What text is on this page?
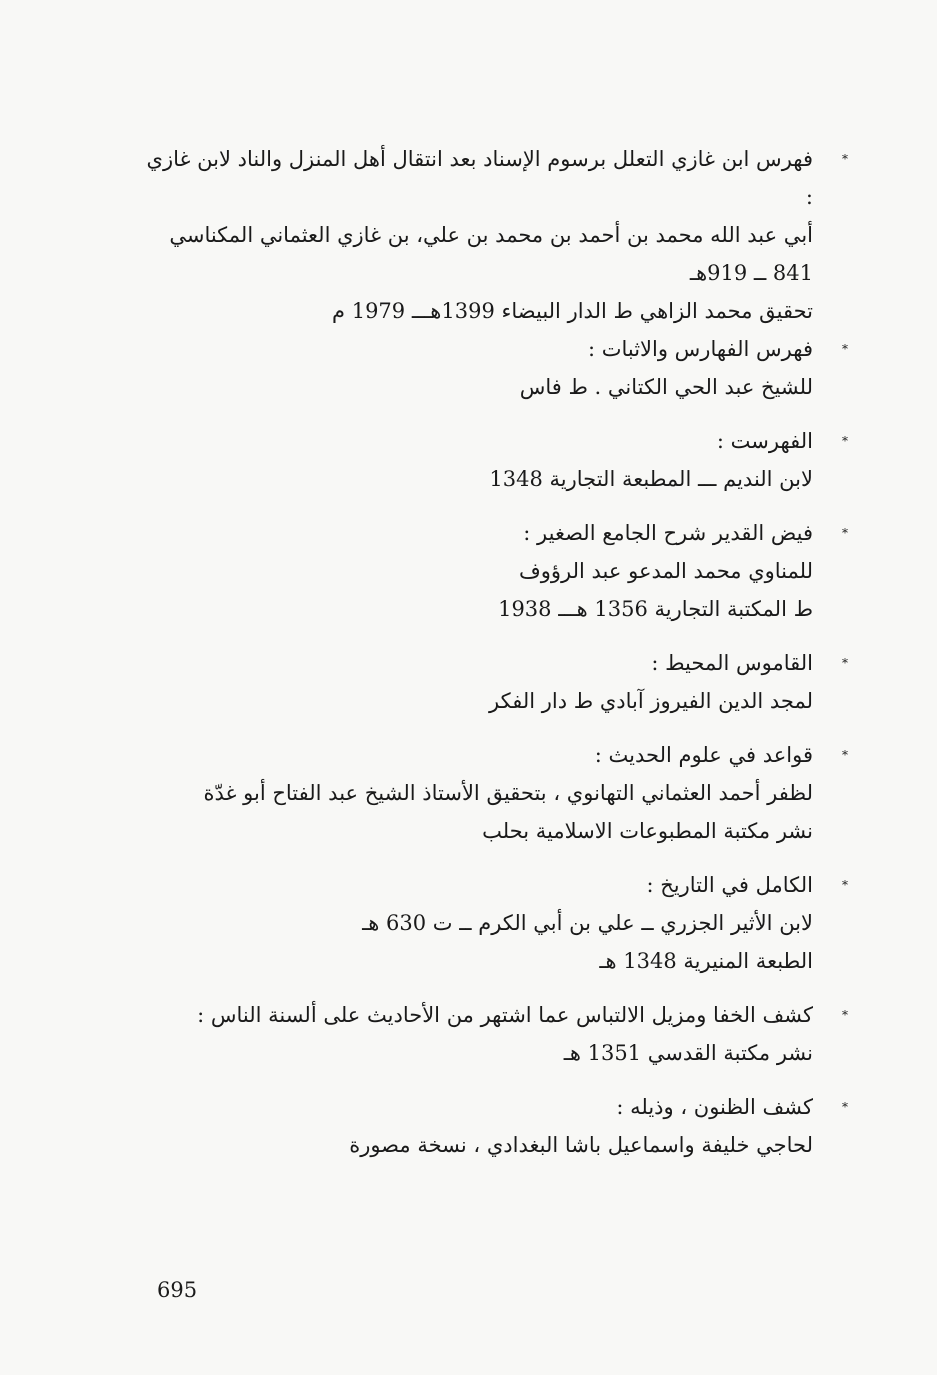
*
فهرس ابن غازي التعلل برسوم الإسناد بعد انتقال أهل المنزل والناد لابن غازي :
أبي عبد الله محمد بن أحمد بن محمد بن علي، بن غازي العثماني المكناسي
841 ــ 919هـ
تحقيق محمد الزاهي ط الدار البيضاء 1399هـــ 1979 م
*
فهرس الفهارس والاثبات :
للشيخ عبد الحي الكتاني . ط فاس
*
الفهرست :
لابن النديم ـــ المطبعة التجارية 1348
*
فيض القدير شرح الجامع الصغير :
للمناوي محمد المدعو عبد الرؤوف
ط المكتبة التجارية 1356 هـــ 1938
*
القاموس المحيط :
لمجد الدين الفيروز آبادي ط دار الفكر
*
قواعد في علوم الحديث :
لظفر أحمد العثماني التهانوي ، بتحقيق الأستاذ الشيخ عبد الفتاح أبو غدّة
نشر مكتبة المطبوعات الاسلامية بحلب
*
الكامل في التاريخ :
لابن الأثير الجزري ــ علي بن أبي الكرم ــ ت 630 هـ
الطبعة المنيرية 1348 هـ
*
كشف الخفا ومزيل الالتباس عما اشتهر من الأحاديث على ألسنة الناس :
نشر مكتبة القدسي 1351 هـ
*
كشف الظنون ، وذيله :
لحاجي خليفة واسماعيل باشا البغدادي ، نسخة مصورة
695
